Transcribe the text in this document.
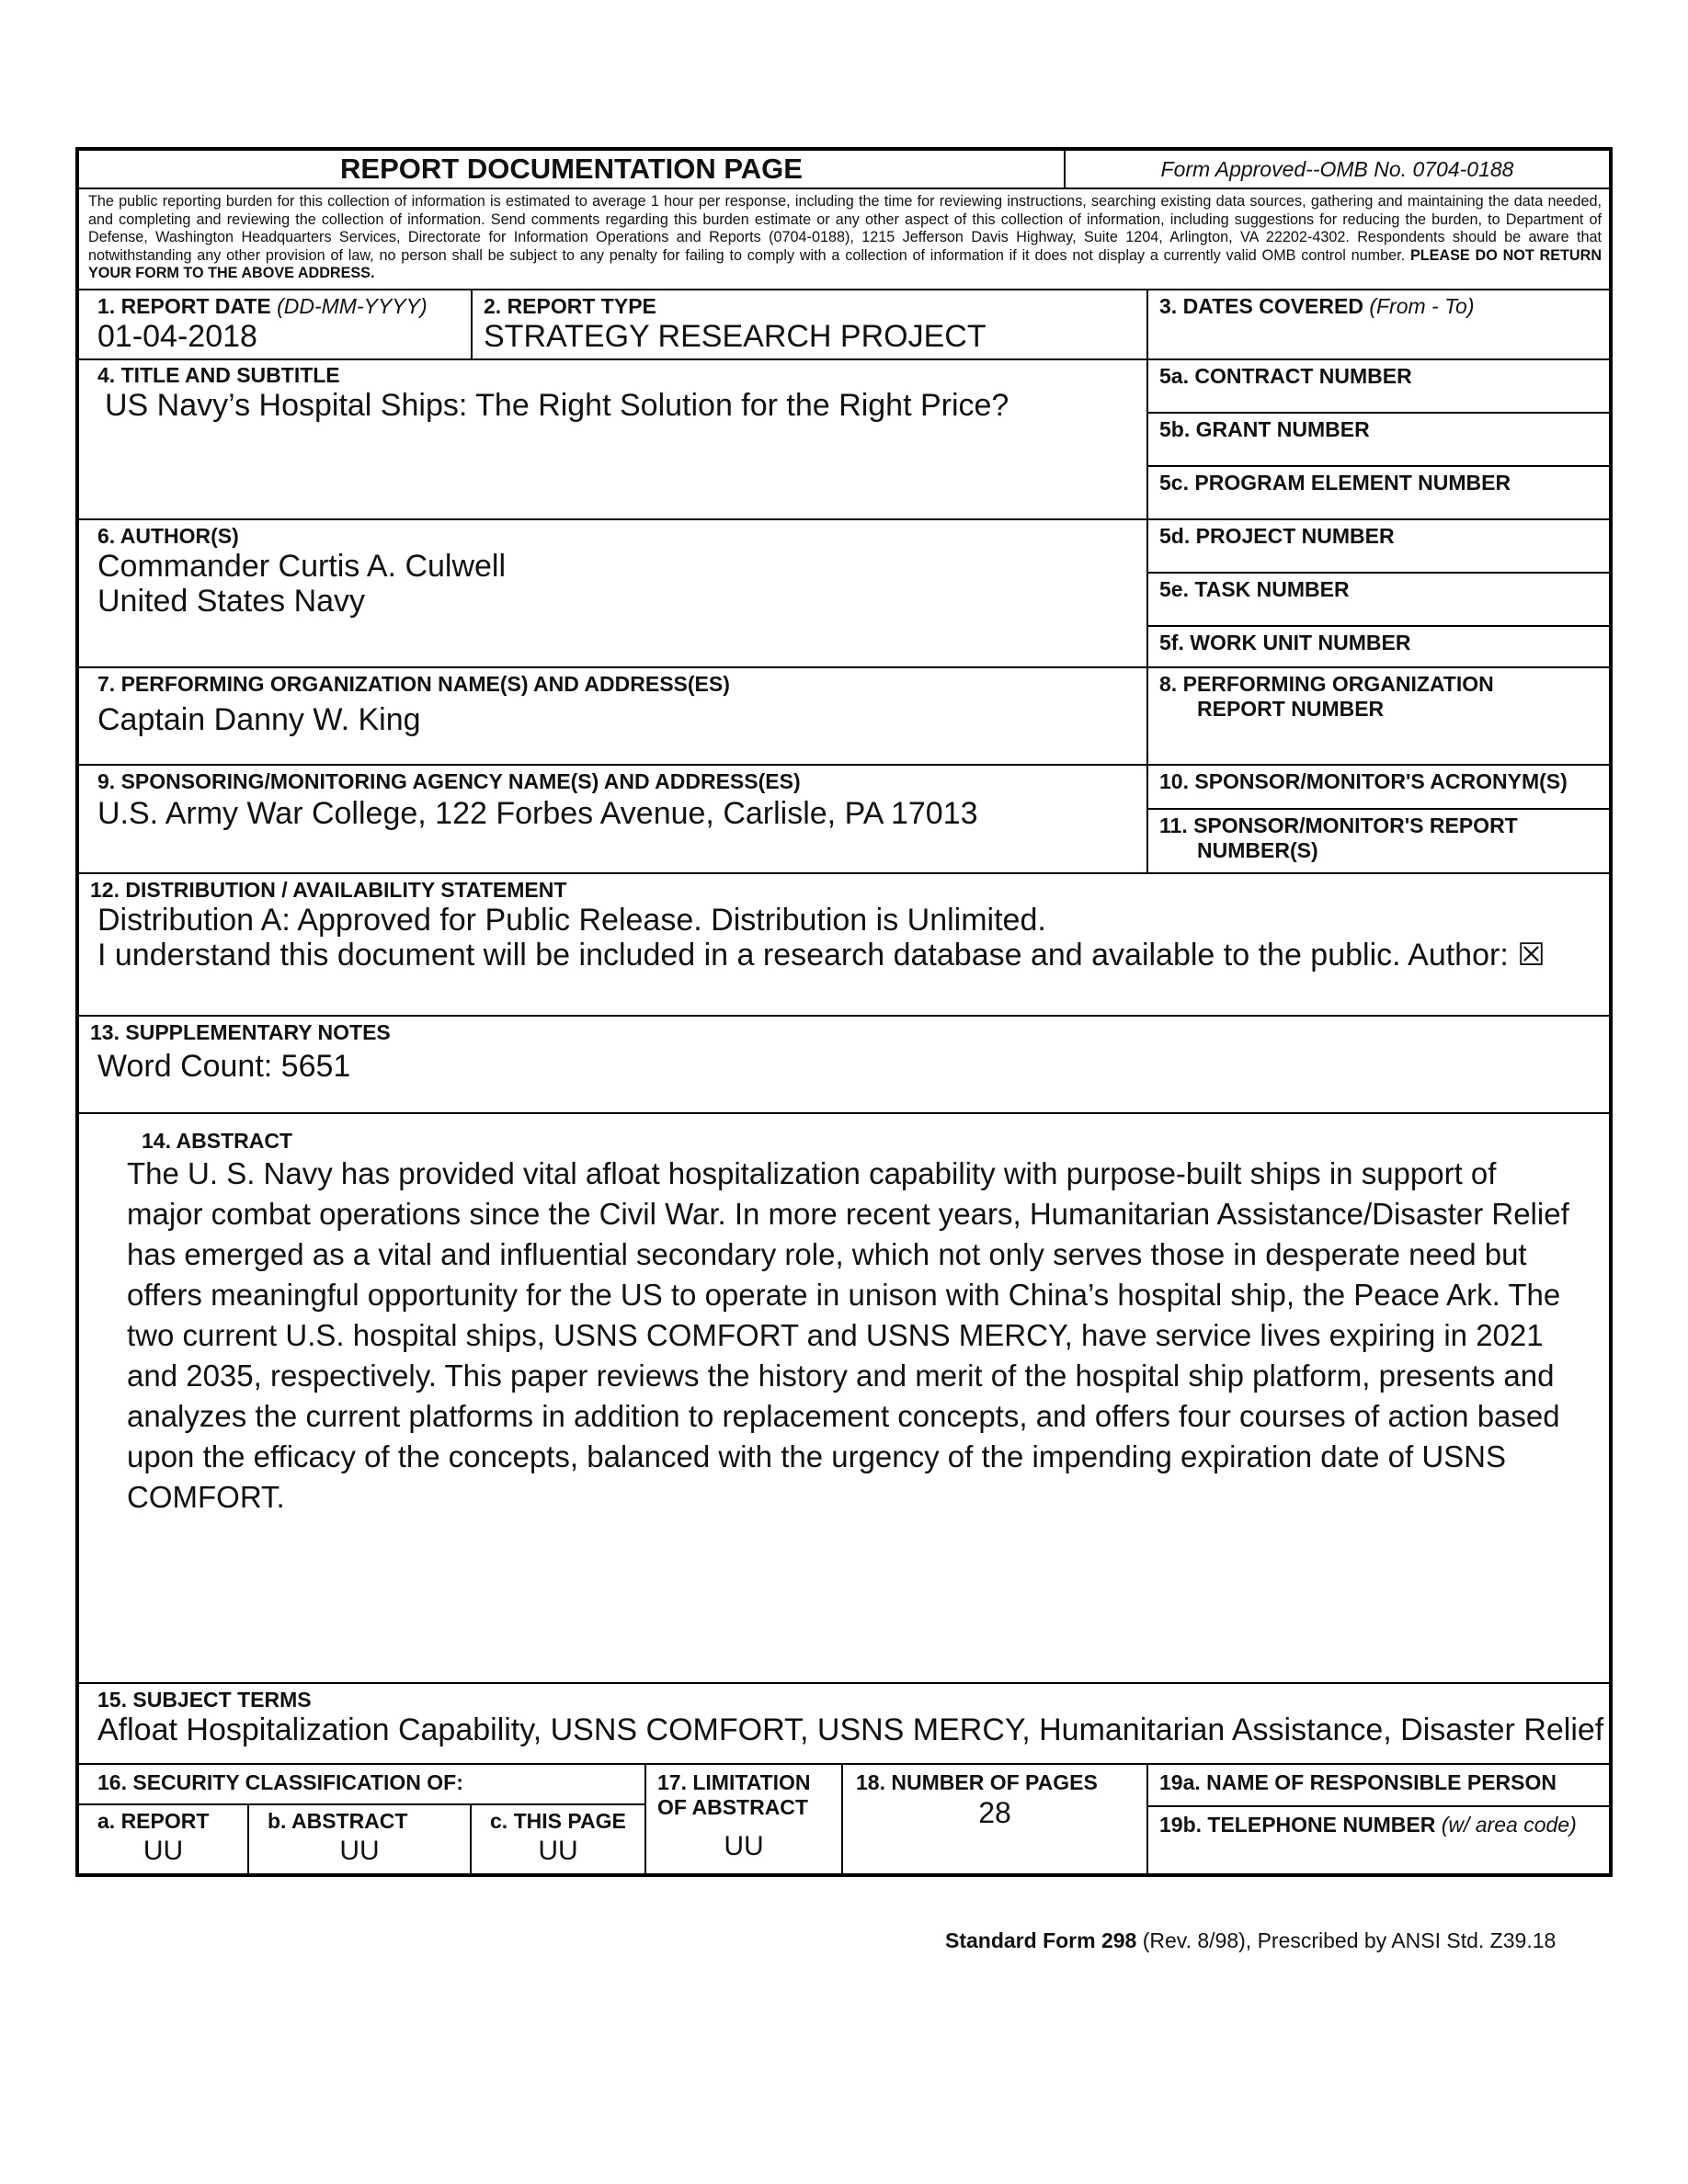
REPORT DOCUMENTATION PAGE	Form Approved--OMB No. 0704-0188
The public reporting burden for this collection of information is estimated to average 1 hour per response, including the time for reviewing instructions, searching existing data sources, gathering and maintaining the data needed, and completing and reviewing the collection of information. Send comments regarding this burden estimate or any other aspect of this collection of information, including suggestions for reducing the burden, to Department of Defense, Washington Headquarters Services, Directorate for Information Operations and Reports (0704-0188), 1215 Jefferson Davis Highway, Suite 1204, Arlington, VA 22202-4302. Respondents should be aware that notwithstanding any other provision of law, no person shall be subject to any penalty for failing to comply with a collection of information if it does not display a currently valid OMB control number. PLEASE DO NOT RETURN YOUR FORM TO THE ABOVE ADDRESS.
1. REPORT DATE (DD-MM-YYYY)
01-04-2018
2. REPORT TYPE
STRATEGY RESEARCH PROJECT
3. DATES COVERED (From - To)
4. TITLE AND SUBTITLE
US Navy’s Hospital Ships: The Right Solution for the Right Price?
5a. CONTRACT NUMBER
5b. GRANT NUMBER
5c. PROGRAM ELEMENT NUMBER
6. AUTHOR(S)
Commander Curtis A. Culwell
United States Navy
5d. PROJECT NUMBER
5e. TASK NUMBER
5f. WORK UNIT NUMBER
7. PERFORMING ORGANIZATION NAME(S) AND ADDRESS(ES)
Captain Danny W. King
8. PERFORMING ORGANIZATION
REPORT NUMBER
9. SPONSORING/MONITORING AGENCY NAME(S) AND ADDRESS(ES)
U.S. Army War College, 122 Forbes Avenue, Carlisle, PA 17013
10. SPONSOR/MONITOR'S ACRONYM(S)
11. SPONSOR/MONITOR'S REPORT
NUMBER(S)
12. DISTRIBUTION / AVAILABILITY STATEMENT
Distribution A: Approved for Public Release. Distribution is Unlimited.
I understand this document will be included in a research database and available to the public. Author: ☒
13. SUPPLEMENTARY NOTES
Word Count: 5651
14. ABSTRACT
The U. S. Navy has provided vital afloat hospitalization capability with purpose-built ships in support of major combat operations since the Civil War. In more recent years, Humanitarian Assistance/Disaster Relief has emerged as a vital and influential secondary role, which not only serves those in desperate need but offers meaningful opportunity for the US to operate in unison with China’s hospital ship, the Peace Ark. The two current U.S. hospital ships, USNS COMFORT and USNS MERCY, have service lives expiring in 2021 and 2035, respectively. This paper reviews the history and merit of the hospital ship platform, presents and analyzes the current platforms in addition to replacement concepts, and offers four courses of action based upon the efficacy of the concepts, balanced with the urgency of the impending expiration date of USNS COMFORT.
15. SUBJECT TERMS
Afloat Hospitalization Capability, USNS COMFORT, USNS MERCY, Humanitarian Assistance, Disaster Relief
16. SECURITY CLASSIFICATION OF:
a. REPORT
UU
b. ABSTRACT
UU
c. THIS PAGE
UU
17. LIMITATION
OF ABSTRACT
UU
18. NUMBER OF PAGES
28
19a. NAME OF RESPONSIBLE PERSON
19b. TELEPHONE NUMBER (w/ area code)
Standard Form 298 (Rev. 8/98), Prescribed by ANSI Std. Z39.18
